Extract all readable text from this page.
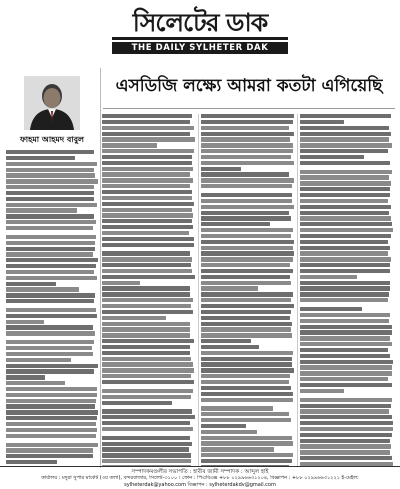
সিলেটের ডাক
THE DAILY SYLHETER DAK
এসডিজি লক্ষ্যে আমরা কতটা এগিয়েছি
ফাহমা আহমদ বাবুল
সম্পাদকমণ্ডলীর সভাপতি : হাবীব জামী সম্পাদক : আব্দুল হাই
কার্যালয় : মদুরা সুপার মার্কেট (৩য় তলা), বন্দরবাজার, সিলেট-৩১০০ । ফোন : পিএবিএক্স +৮৮ ০২৯৯৬৬৩১২০৪, বিজ্ঞাপন : +৮৮ ০২৯৯৬৬৩১২২১ ই-মেইল:
sylheterdak@yahoo.com বিজ্ঞাপন : sylheterdakdv@gmail.com
